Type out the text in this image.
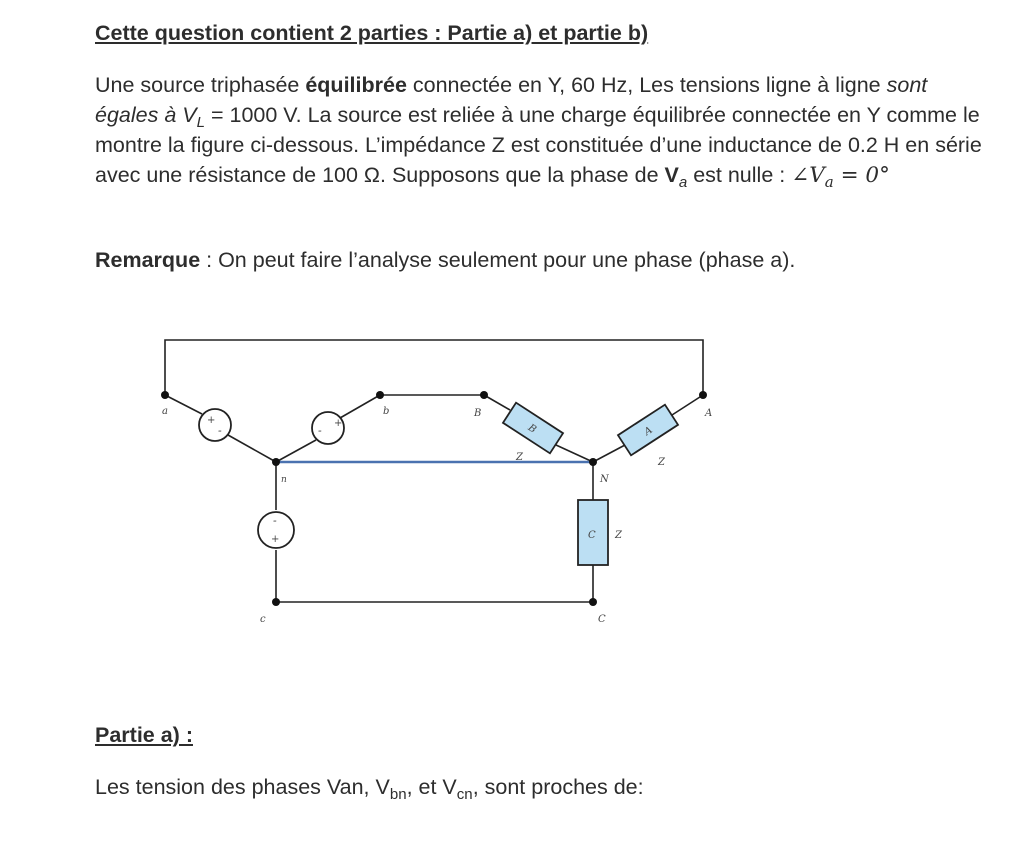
Cette question contient 2 parties : Partie a) et partie b)

Une source triphasée équilibrée connectée en Y, 60 Hz, Les tensions ligne à ligne sont égales à $V_L = 1000$ V. La source est reliée à une charge équilibrée connectée en Y comme le montre la figure ci-dessous. L’impédance Z est constituée d’une inductance de 0.2 H en série avec une résistance de 100 Ω. Supposons que la phase de $V_a$ est nulle : $\angle V_a = 0^\circ$

Remarque : On peut faire l’analyse seulement pour une phase (phase a).

+
-
+
-
-
+
B	A
C
a	b	B	A
n	N
c	C
Z	Z
Z

Partie a) :

Les tension des phases Van, $V_{bn}$, et $V_{cn}$, sont proches de:
